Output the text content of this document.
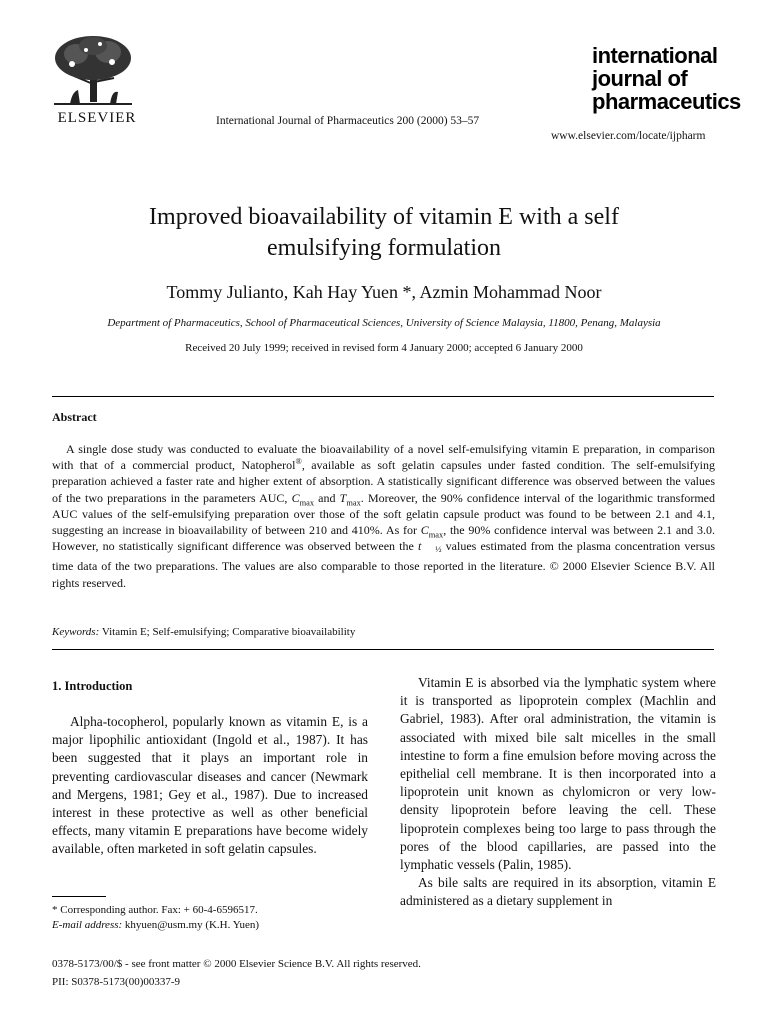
ELSEVIER	International Journal of Pharmaceutics 200 (2000) 53–57
international
journal of
pharmaceutics
www.elsevier.com/locate/ijpharm
Improved bioavailability of vitamin E with a self
emulsifying formulation
Tommy Julianto, Kah Hay Yuen *, Azmin Mohammad Noor
Department of Pharmaceutics, School of Pharmaceutical Sciences, University of Science Malaysia, 11800, Penang, Malaysia
Received 20 July 1999; received in revised form 4 January 2000; accepted 6 January 2000
Abstract

A single dose study was conducted to evaluate the bioavailability of a novel self-emulsifying vitamin E preparation, in comparison with that of a commercial product, Natopherol®, available as soft gelatin capsules under fasted condition. The self-emulsifying preparation achieved a faster rate and higher extent of absorption. A statistically significant difference was observed between the values of the two preparations in the parameters AUC, $C_{max}$ and $T_{max}$. Moreover, the 90% confidence interval of the logarithmic transformed AUC values of the self-emulsifying preparation over those of the soft gelatin capsule product was found to be between 2.1 and 4.1, suggesting an increase in bioavailability of between 210 and 410%. As for $C_{max}$, the 90% confidence interval was between 2.1 and 3.0. However, no statistically significant difference was observed between the t ½ values estimated from the plasma concentration versus time data of the two preparations. The values are also comparable to those reported in the literature. © 2000 Elsevier Science B.V. All rights reserved.

Keywords: Vitamin E; Self-emulsifying; Comparative bioavailability
1. Introduction

Alpha-tocopherol, popularly known as vitamin E, is a major lipophilic antioxidant (Ingold et al., 1987). It has been suggested that it plays an important role in preventing cardiovascular diseases and cancer (Newmark and Mergens, 1981; Gey et al., 1987). Due to increased interest in these protective as well as other beneficial effects, many vitamin E preparations have become widely available, often marketed in soft gelatin capsules.

Vitamin E is absorbed via the lymphatic system where it is transported as lipoprotein complex (Machlin and Gabriel, 1983). After oral administration, the vitamin is associated with mixed bile salt micelles in the small intestine to form a fine emulsion before moving across the epithelial cell membrane. It is then incorporated into a lipoprotein unit known as chylomicron or very low-density lipoprotein before leaving the cell. These lipoprotein complexes being too large to pass through the pores of the blood capillaries, are passed into the lymphatic vessels (Palin, 1985).

As bile salts are required in its absorption, vitamin E administered as a dietary supplement in

* Corresponding author. Fax: + 60-4-6596517.
E-mail address: khyuen@usm.my (K.H. Yuen)
0378-5173/00/$ - see front matter © 2000 Elsevier Science B.V. All rights reserved.
PII: S0378-5173(00)00337-9
